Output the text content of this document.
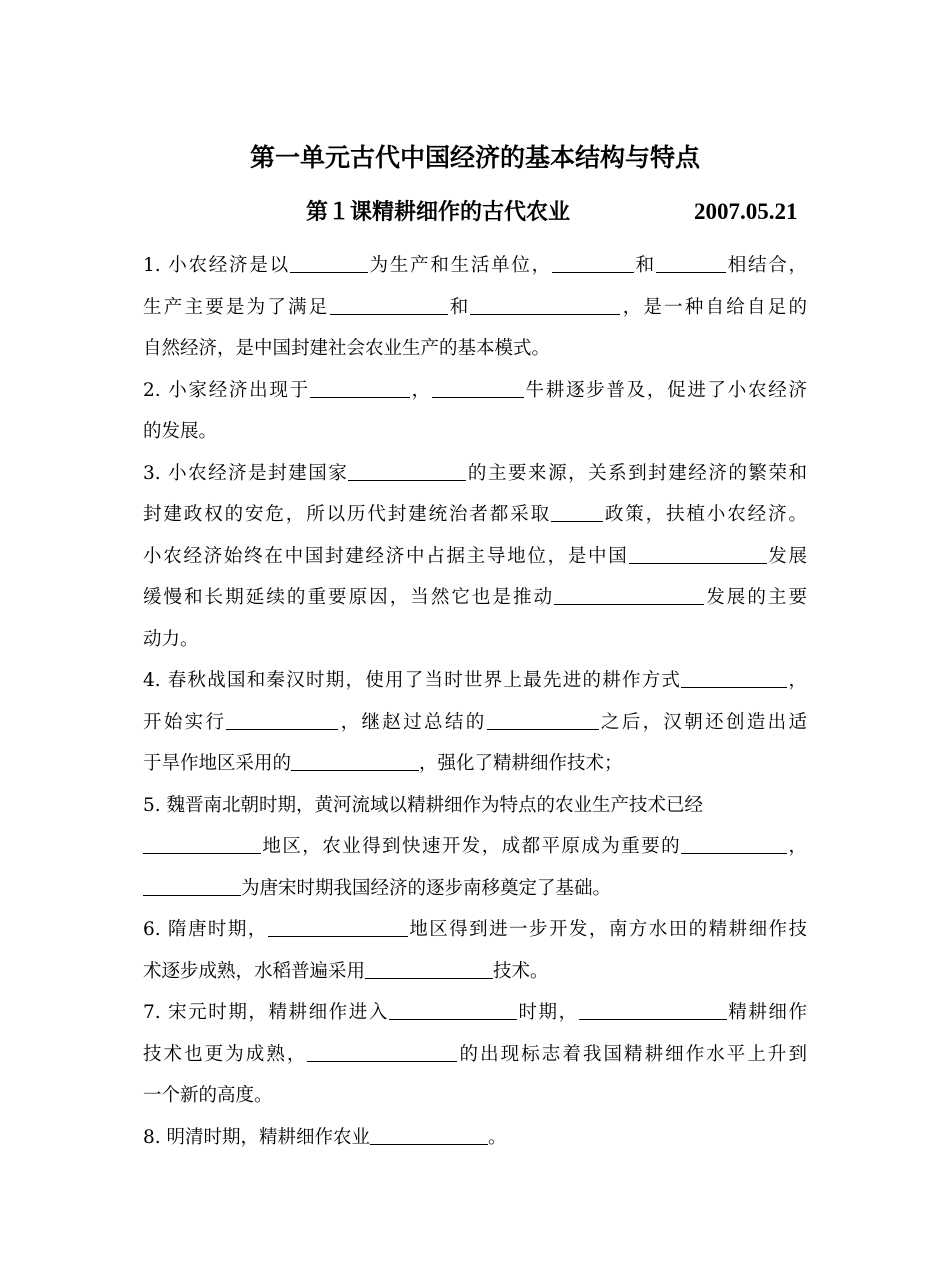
第一单元古代中国经济的基本结构与特点
第１课精耕细作的古代农业	2007.05.21
1. 小农经济是以	为生产和生活单位，	和	相结合，
生产主要是为了满足	和	，是一种自给自足的
自然经济，是中国封建社会农业生产的基本模式。
2. 小家经济出现于	，	牛耕逐步普及，促进了小农经济
的发展。
3. 小农经济是封建国家	的主要来源，关系到封建经济的繁荣和
封建政权的安危，所以历代封建统治者都采取	政策，扶植小农经济。
小农经济始终在中国封建经济中占据主导地位，是中国	发展
缓慢和长期延续的重要原因，当然它也是推动	发展的主要
动力。
4. 春秋战国和秦汉时期，使用了当时世界上最先进的耕作方式	，
开始实行	，继赵过总结的	之后，汉朝还创造出适
于旱作地区采用的	，强化了精耕细作技术；
5. 魏晋南北朝时期，黄河流域以精耕细作为特点的农业生产技术已经
地区，农业得到快速开发，成都平原成为重要的	，
为唐宋时期我国经济的逐步南移奠定了基础。
6. 隋唐时期，	地区得到进一步开发，南方水田的精耕细作技
术逐步成熟，水稻普遍采用	技术。
7. 宋元时期，精耕细作进入	时期，	精耕细作
技术也更为成熟，	的出现标志着我国精耕细作水平上升到
一个新的高度。
8. 明清时期，精耕细作农业	。
